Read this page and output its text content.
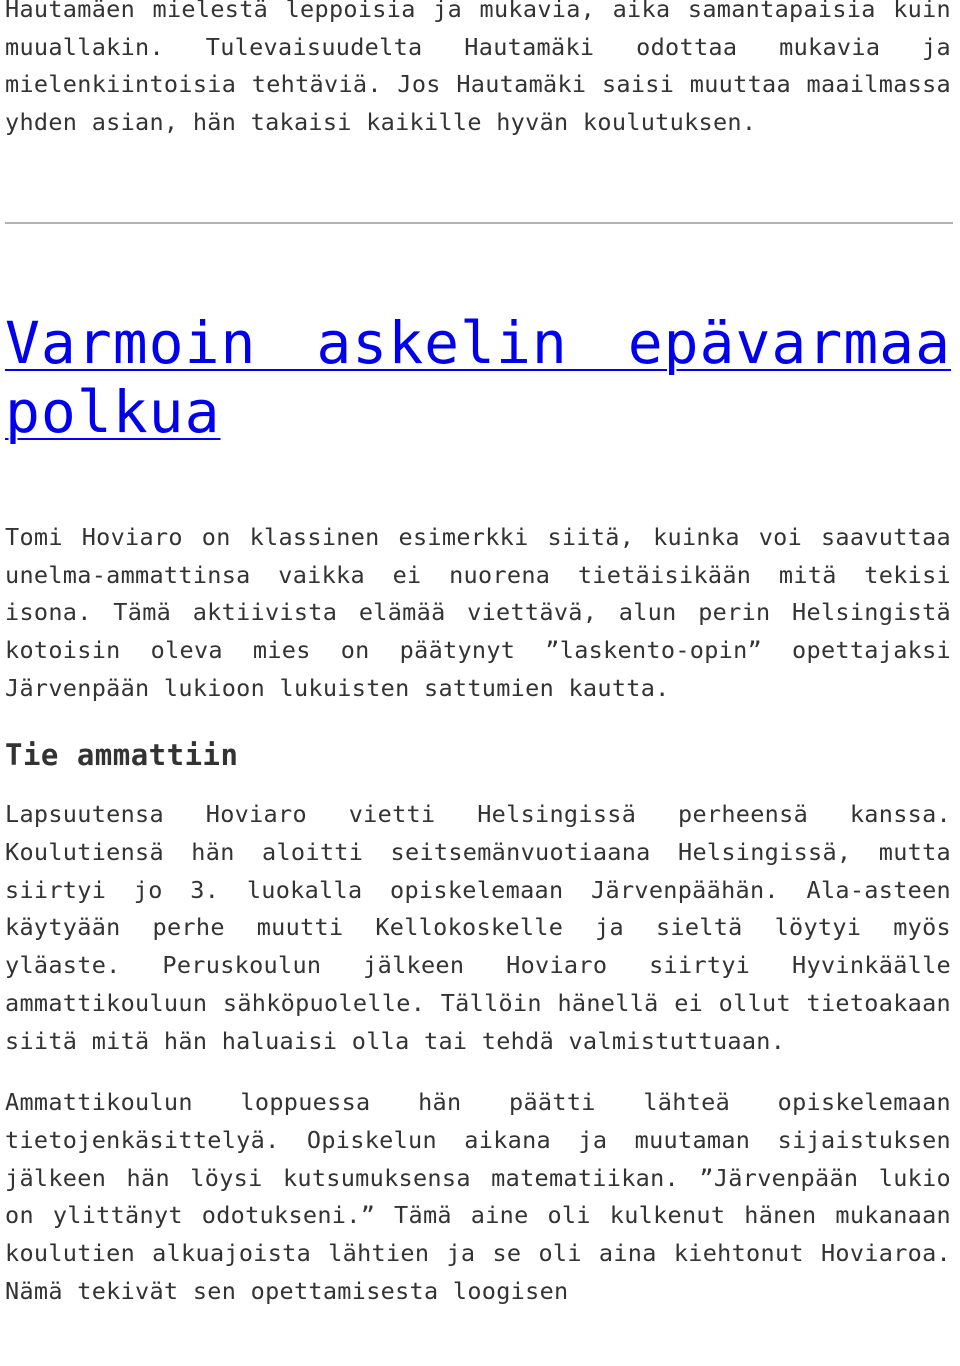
Hautamäen mielestä leppoisia ja mukavia, aika samantapaisia kuin muuallakin. Tulevaisuudelta Hautamäki odottaa mukavia ja mielenkiintoisia tehtäviä. Jos Hautamäki saisi muuttaa maailmassa yhden asian, hän takaisi kaikille hyvän koulutuksen.

Varmoin askelin epävarmaa polkua

Tomi Hoviaro on klassinen esimerkki siitä, kuinka voi saavuttaa unelma-ammattinsa vaikka ei nuorena tietäisikään mitä tekisi isona. Tämä aktiivista elämää viettävä, alun perin Helsingistä kotoisin oleva mies on päätynyt ”laskento-opin” opettajaksi Järvenpään lukioon lukuisten sattumien kautta.

Tie ammattiin

Lapsuutensa Hoviaro vietti Helsingissä perheensä kanssa. Koulutiensä hän aloitti seitsemänvuotiaana Helsingissä, mutta siirtyi jo 3. luokalla opiskelemaan Järvenpäähän. Ala-asteen käytyään perhe muutti Kellokoskelle ja sieltä löytyi myös yläaste. Peruskoulun jälkeen Hoviaro siirtyi Hyvinkäälle ammattikouluun sähköpuolelle. Tällöin hänellä ei ollut tietoakaan siitä mitä hän haluaisi olla tai tehdä valmistuttuaan.

Ammattikoulun loppuessa hän päätti lähteä opiskelemaan tietojenkäsittelyä. Opiskelun aikana ja muutaman sijaistuksen jälkeen hän löysi kutsumuksensa matematiikan. ”Järvenpään lukio on ylittänyt odotukseni.” Tämä aine oli kulkenut hänen mukanaan koulutien alkuajoista lähtien ja se oli aina kiehtonut Hoviaroa. Nämä tekivät sen opettamisesta loogisen
